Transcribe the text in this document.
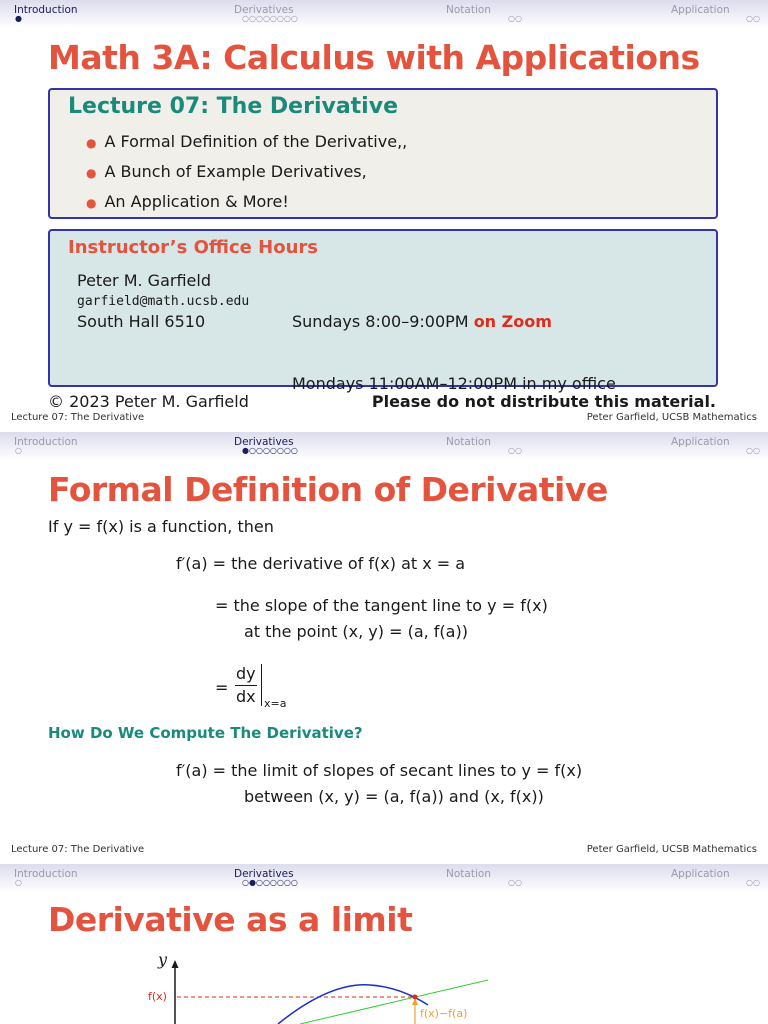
Introduction
●
Derivatives
○○○○○○○○
Notation
○○
Application
○○
Math 3A: Calculus with Applications
Lecture 07: The Derivative
● A Formal Definition of the Derivative,,
● A Bunch of Example Derivatives,
● An Application & More!
Instructor’s Office Hours
Peter M. Garfield
garfield@math.ucsb.edu
South Hall 6510

	Sundays 8:00–9:00PM on Zoom

Mondays 11:00AM–12:00PM in my office

© 2023 Peter M. Garfield	Please do not distribute this material.
Lecture 07: The Derivative	Peter Garfield, UCSB Mathematics
Introduction
○
Derivatives
●○○○○○○○
Notation
○○
Application
○○
Formal Definition of Derivative
If y = f(x) is a function, then
f′(a) = the derivative of f(x) at x = a
= the slope of the tangent line to y = f(x)
at the point (x, y) = (a, f(a))
=
dy
dx x=a
How Do We Compute The Derivative?
f′(a) = the limit of slopes of secant lines to y = f(x)
between (x, y) = (a, f(a)) and (x, f(x))
Lecture 07: The Derivative	Peter Garfield, UCSB Mathematics
Introduction
○
Derivatives
○●○○○○○○
Notation
○○
Application
○○
Derivative as a limit
y
f(x)
f(x)−f(a)
